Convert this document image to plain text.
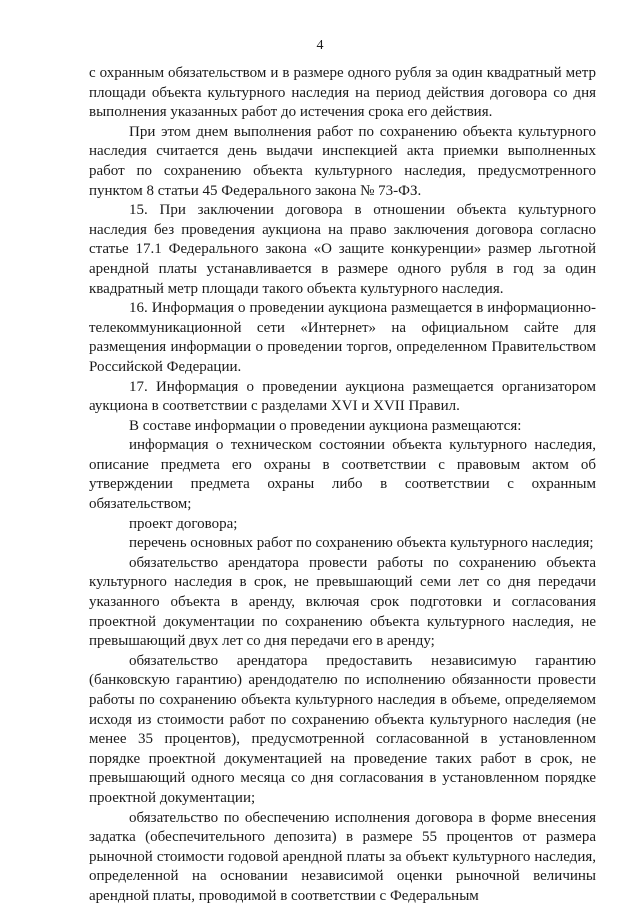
4

с охранным обязательством и в размере одного рубля за один квадратный метр площади объекта культурного наследия на период действия договора со дня выполнения указанных работ до истечения срока его действия.

При этом днем выполнения работ по сохранению объекта культурного наследия считается день выдачи инспекцией акта приемки выполненных работ по сохранению объекта культурного наследия, предусмотренного пунктом 8 статьи 45 Федерального закона № 73-ФЗ.

15. При заключении договора в отношении объекта культурного наследия без проведения аукциона на право заключения договора согласно статье 17.1 Федерального закона «О защите конкуренции» размер льготной арендной платы устанавливается в размере одного рубля в год за один квадратный метр площади такого объекта культурного наследия.

16. Информация о проведении аукциона размещается в информационно-телекоммуникационной сети «Интернет» на официальном сайте для размещения информации о проведении торгов, определенном Правительством Российской Федерации.

17. Информация о проведении аукциона размещается организатором аукциона в соответствии с разделами XVI и XVII Правил.

В составе информации о проведении аукциона размещаются:

информация о техническом состоянии объекта культурного наследия, описание предмета его охраны в соответствии с правовым актом об утверждении предмета охраны либо в соответствии с охранным обязательством;

проект договора;

перечень основных работ по сохранению объекта культурного наследия;

обязательство арендатора провести работы по сохранению объекта культурного наследия в срок, не превышающий семи лет со дня передачи указанного объекта в аренду, включая срок подготовки и согласования проектной документации по сохранению объекта культурного наследия, не превышающий двух лет со дня передачи его в аренду;

обязательство арендатора предоставить независимую гарантию (банковскую гарантию) арендодателю по исполнению обязанности провести работы по сохранению объекта культурного наследия в объеме, определяемом исходя из стоимости работ по сохранению объекта культурного наследия (не менее 35 процентов), предусмотренной согласованной в установленном порядке проектной документацией на проведение таких работ в срок, не превышающий одного месяца со дня согласования в установленном порядке проектной документации;

обязательство по обеспечению исполнения договора в форме внесения задатка (обеспечительного депозита) в размере 55 процентов от размера рыночной стоимости годовой арендной платы за объект культурного наследия, определенной на основании независимой оценки рыночной величины арендной платы, проводимой в соответствии с Федеральным
